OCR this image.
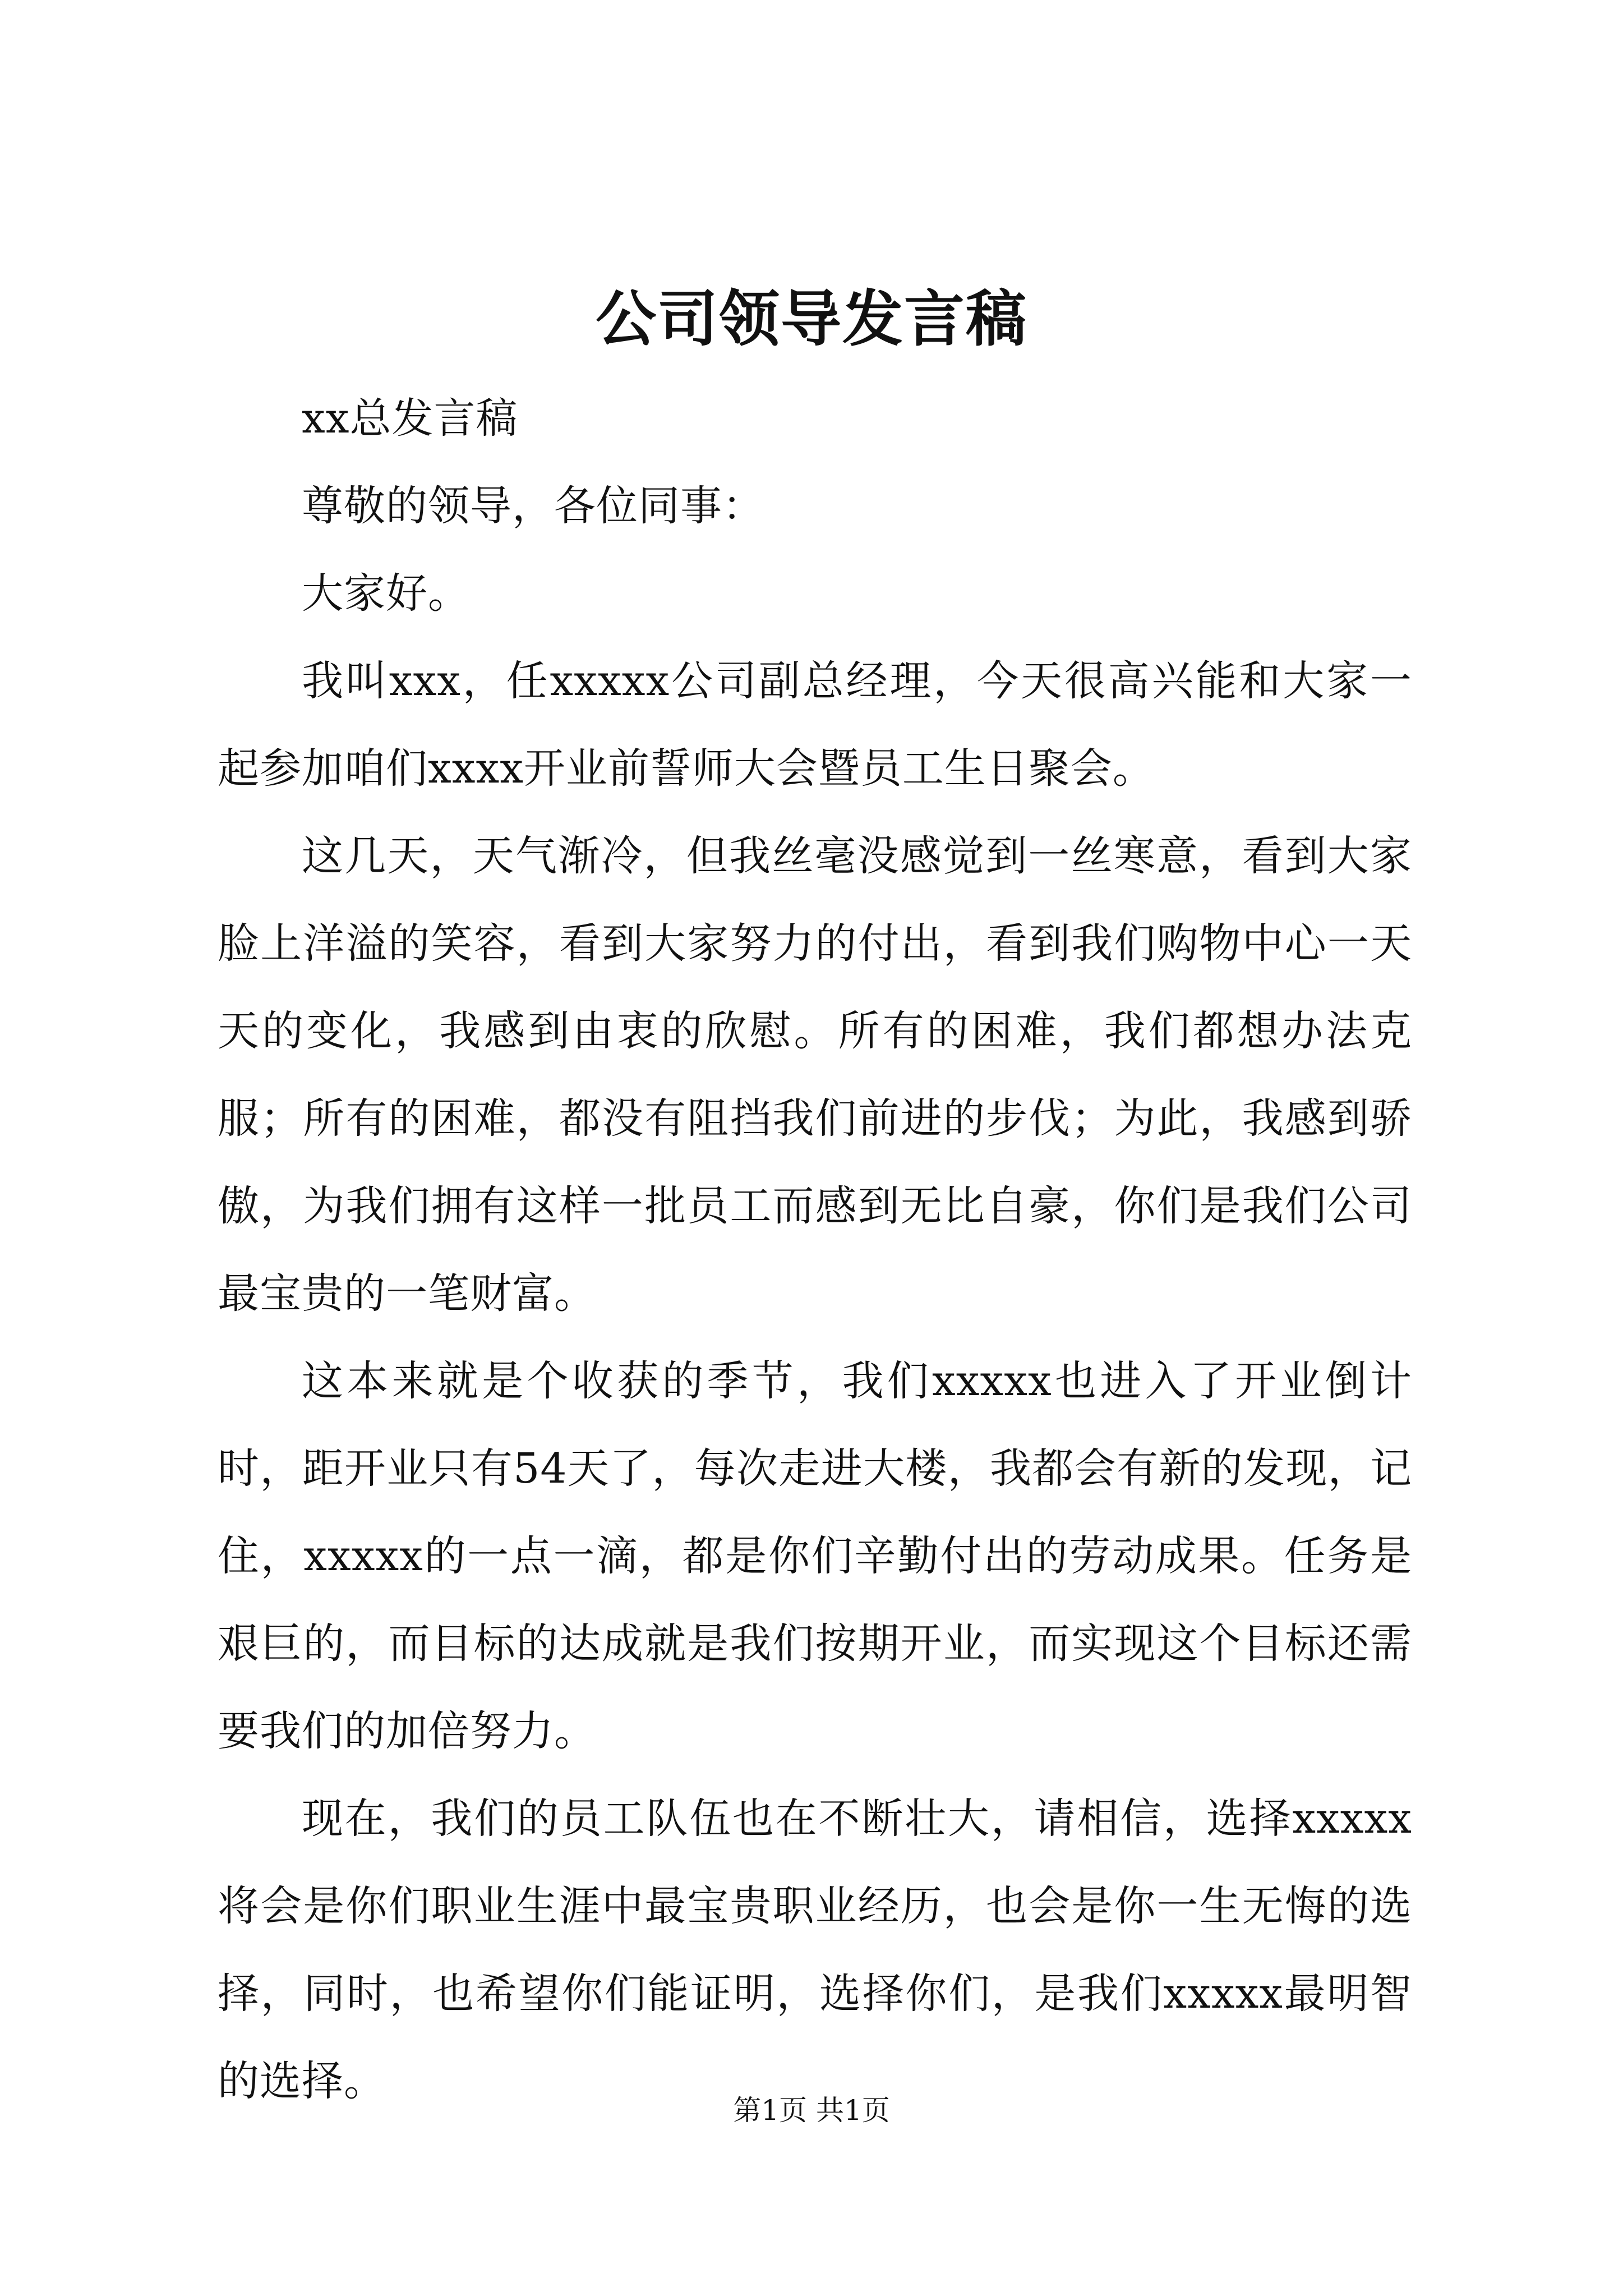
公司领导发言稿

xx总发言稿

尊敬的领导，各位同事：

大家好。

我叫xxx，任xxxxx公司副总经理，今天很高兴能和大家一起参加咱们xxxx开业前誓师大会暨员工生日聚会。

这几天，天气渐冷，但我丝毫没感觉到一丝寒意，看到大家脸上洋溢的笑容，看到大家努力的付出，看到我们购物中心一天天的变化，我感到由衷的欣慰。所有的困难，我们都想办法克服；所有的困难，都没有阻挡我们前进的步伐；为此，我感到骄傲，为我们拥有这样一批员工而感到无比自豪，你们是我们公司最宝贵的一笔财富。

这本来就是个收获的季节，我们xxxxx也进入了开业倒计时，距开业只有54天了，每次走进大楼，我都会有新的发现，记住，xxxxx的一点一滴，都是你们辛勤付出的劳动成果。任务是艰巨的，而目标的达成就是我们按期开业，而实现这个目标还需要我们的加倍努力。

现在，我们的员工队伍也在不断壮大，请相信，选择xxxxx将会是你们职业生涯中最宝贵职业经历，也会是你一生无悔的选择，同时，也希望你们能证明，选择你们，是我们xxxxx最明智的选择。

第1页 共1页
